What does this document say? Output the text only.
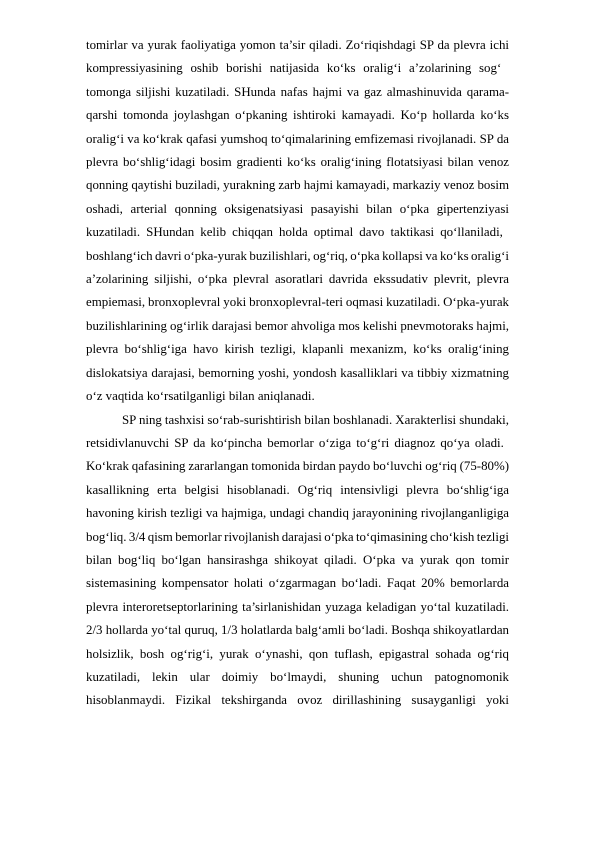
tomirlar va yurak faoliyatiga yomon ta’sir qiladi. Zo‘riqishdagi SP da plevra ichi
kompressiyasining oshib borishi natijasida ko‘ks oralig‘i a’zolarining sog‘
tomonga siljishi kuzatiladi. SHunda nafas hajmi va gaz almashinuvida qarama-
qarshi tomonda joylashgan o‘pkaning ishtiroki kamayadi. Ko‘p hollarda ko‘ks
oralig‘i va ko‘krak qafasi yumshoq to‘qimalarining emfizemasi rivojlanadi. SP da
plevra bo‘shlig‘idagi bosim gradienti ko‘ks oralig‘ining flotatsiyasi bilan venoz
qonning qaytishi buziladi, yurakning zarb hajmi kamayadi, markaziy venoz bosim
oshadi, arterial qonning oksigenatsiyasi pasayishi bilan o‘pka gipertenziyasi
kuzatiladi. SHundan kelib chiqqan holda optimal davo taktikasi qo‘llaniladi,
boshlang‘ich davri o‘pka-yurak buzilishlari, og‘riq, o‘pka kollapsi va ko‘ks oralig‘i
a’zolarining siljishi, o‘pka plevral asoratlari davrida ekssudativ plevrit, plevra
empiemasi, bronxoplevral yoki bronxoplevral-teri oqmasi kuzatiladi. O‘pka-yurak
buzilishlarining og‘irlik darajasi bemor ahvoliga mos kelishi pnevmotoraks hajmi,
plevra bo‘shlig‘iga havo kirish tezligi, klapanli mexanizm, ko‘ks oralig‘ining
dislokatsiya darajasi, bemorning yoshi, yondosh kasalliklari va tibbiy xizmatning
o‘z vaqtida ko‘rsatilganligi bilan aniqlanadi.
SP ning tashxisi so‘rab-surishtirish bilan boshlanadi. Xarakterlisi shundaki,
retsidivlanuvchi SP da ko‘pincha bemorlar o‘ziga to‘g‘ri diagnoz qo‘ya oladi.
Ko‘krak qafasining zararlangan tomonida birdan paydo bo‘luvchi og‘riq (75-80%)
kasallikning erta belgisi hisoblanadi. Og‘riq intensivligi plevra bo‘shlig‘iga
havoning kirish tezligi va hajmiga, undagi chandiq jarayonining rivojlanganligiga
bog‘liq. 3/4 qism bemorlar rivojlanish darajasi o‘pka to‘qimasining cho‘kish tezligi
bilan bog‘liq bo‘lgan hansirashga shikoyat qiladi. O‘pka va yurak qon tomir
sistemasining kompensator holati o‘zgarmagan bo‘ladi. Faqat 20% bemorlarda
plevra interoretseptorlarining ta’sirlanishidan yuzaga keladigan yo‘tal kuzatiladi.
2/3 hollarda yo‘tal quruq, 1/3 holatlarda balg‘amli bo‘ladi. Boshqa shikoyatlardan
holsizlik, bosh og‘rig‘i, yurak o‘ynashi, qon tuflash, epigastral sohada og‘riq
kuzatiladi, lekin ular doimiy bo‘lmaydi, shuning uchun patognomonik
hisoblanmaydi. Fizikal tekshirganda ovoz dirillashining susayganligi yoki
